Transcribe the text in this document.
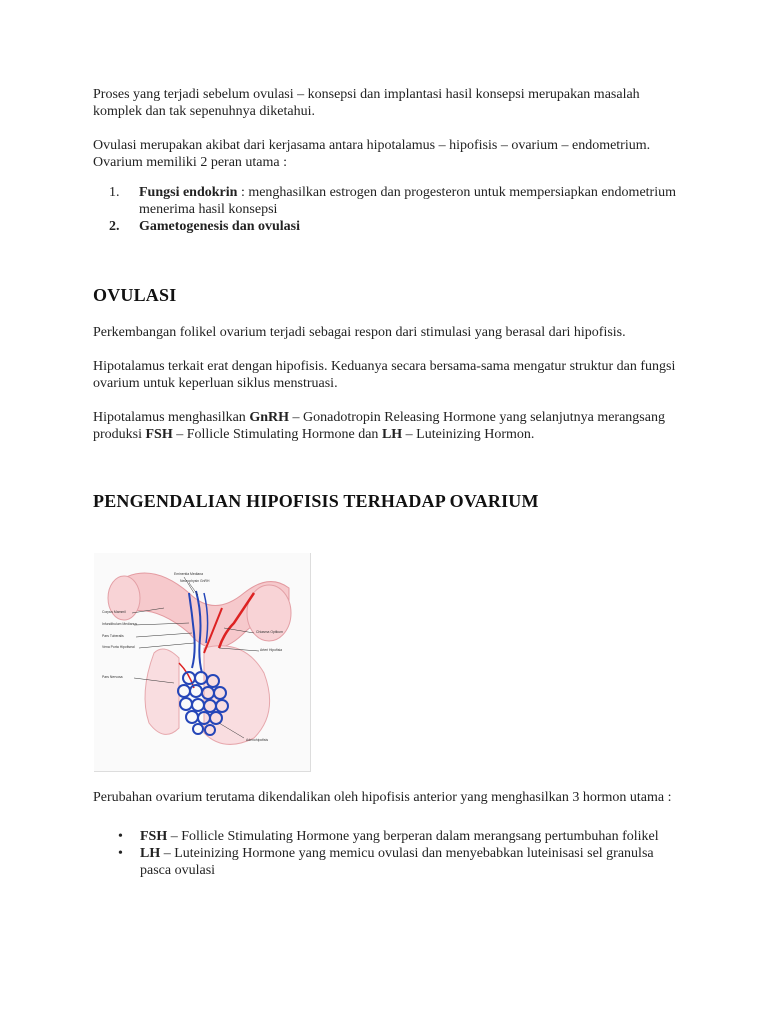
Proses yang terjadi sebelum ovulasi – konsepsi dan implantasi hasil konsepsi merupakan masalah komplek dan tak sepenuhnya diketahui.

Ovulasi merupakan akibat dari kerjasama antara hipotalamus – hipofisis – ovarium – endometrium. Ovarium memiliki 2 peran utama :

1. Fungsi endokrin : menghasilkan estrogen dan progesteron untuk mempersiapkan endometrium menerima hasil konsepsi
2. Gametogenesis dan ovulasi
OVULASI

Perkembangan folikel ovarium terjadi sebagai respon dari stimulasi yang berasal dari hipofisis.

Hipotalamus terkait erat dengan hipofisis. Keduanya secara bersama-sama mengatur struktur dan fungsi ovarium untuk keperluan siklus menstruasi.

Hipotalamus menghasilkan GnRH – Gonadotropin Releasing Hormone yang selanjutnya merangsang produksi FSH – Follicle Stimulating Hormone dan LH – Luteinizing Hormon.

PENGENDALIAN HIPOFISIS TERHADAP OVARIUM
Eminentia Mediana
Neurophysin GnRH
Corpus Mammil
Infundibulum Medianus
Pars Tuberalis
Vena Porta Hipofiseal
Chiasma Optikum
Arteri Hipofisia
Pars Nervosa
Adenohipofisis

Perubahan ovarium terutama dikendalikan oleh hipofisis anterior yang menghasilkan 3 hormon utama :

• FSH – Follicle Stimulating Hormone yang berperan dalam merangsang pertumbuhan folikel
• LH – Luteinizing Hormone yang memicu ovulasi dan menyebabkan luteinisasi sel granulsa pasca ovulasi
